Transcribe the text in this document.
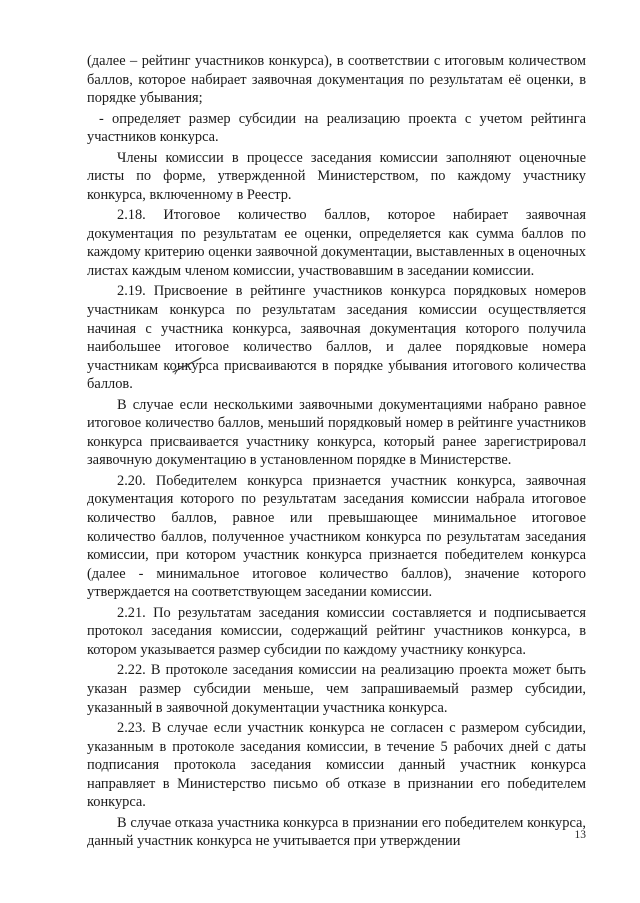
(далее – рейтинг участников конкурса), в соответствии с итоговым количеством баллов, которое набирает заявочная документация по результатам её оценки, в порядке убывания;

- определяет размер субсидии на реализацию проекта с учетом рейтинга участников конкурса.

Члены комиссии в процессе заседания комиссии заполняют оценочные листы по форме, утвержденной Министерством, по каждому участнику конкурса, включенному в Реестр.

2.18. Итоговое количество баллов, которое набирает заявочная документация по результатам ее оценки, определяется как сумма баллов по каждому критерию оценки заявочной документации, выставленных в оценочных листах каждым членом комиссии, участвовавшим в заседании комиссии.

2.19. Присвоение в рейтинге участников конкурса порядковых номеров участникам конкурса по результатам заседания комиссии осуществляется начиная с участника конкурса, заявочная документация которого получила наибольшее итоговое количество баллов, и далее порядковые номера участникам конкурса присваиваются в порядке убывания итогового количества баллов.

В случае если несколькими заявочными документациями набрано равное итоговое количество баллов, меньший порядковый номер в рейтинге участников конкурса присваивается участнику конкурса, который ранее зарегистрировал заявочную документацию в установленном порядке в Министерстве.

2.20. Победителем конкурса признается участник конкурса, заявочная документация которого по результатам заседания комиссии набрала итоговое количество баллов, равное или превышающее минимальное итоговое количество баллов, полученное участником конкурса по результатам заседания комиссии, при котором участник конкурса признается победителем конкурса (далее - минимальное итоговое количество баллов), значение которого утверждается на соответствующем заседании комиссии.

2.21. По результатам заседания комиссии составляется и подписывается протокол заседания комиссии, содержащий рейтинг участников конкурса, в котором указывается размер субсидии по каждому участнику конкурса.

2.22. В протоколе заседания комиссии на реализацию проекта может быть указан размер субсидии меньше, чем запрашиваемый размер субсидии, указанный в заявочной документации участника конкурса.

2.23. В случае если участник конкурса не согласен с размером субсидии, указанным в протоколе заседания комиссии, в течение 5 рабочих дней с даты подписания протокола заседания комиссии данный участник конкурса направляет в Министерство письмо об отказе в признании его победителем конкурса.

В случае отказа участника конкурса в признании его победителем конкурса, данный участник конкурса не учитывается при утверждении	13
